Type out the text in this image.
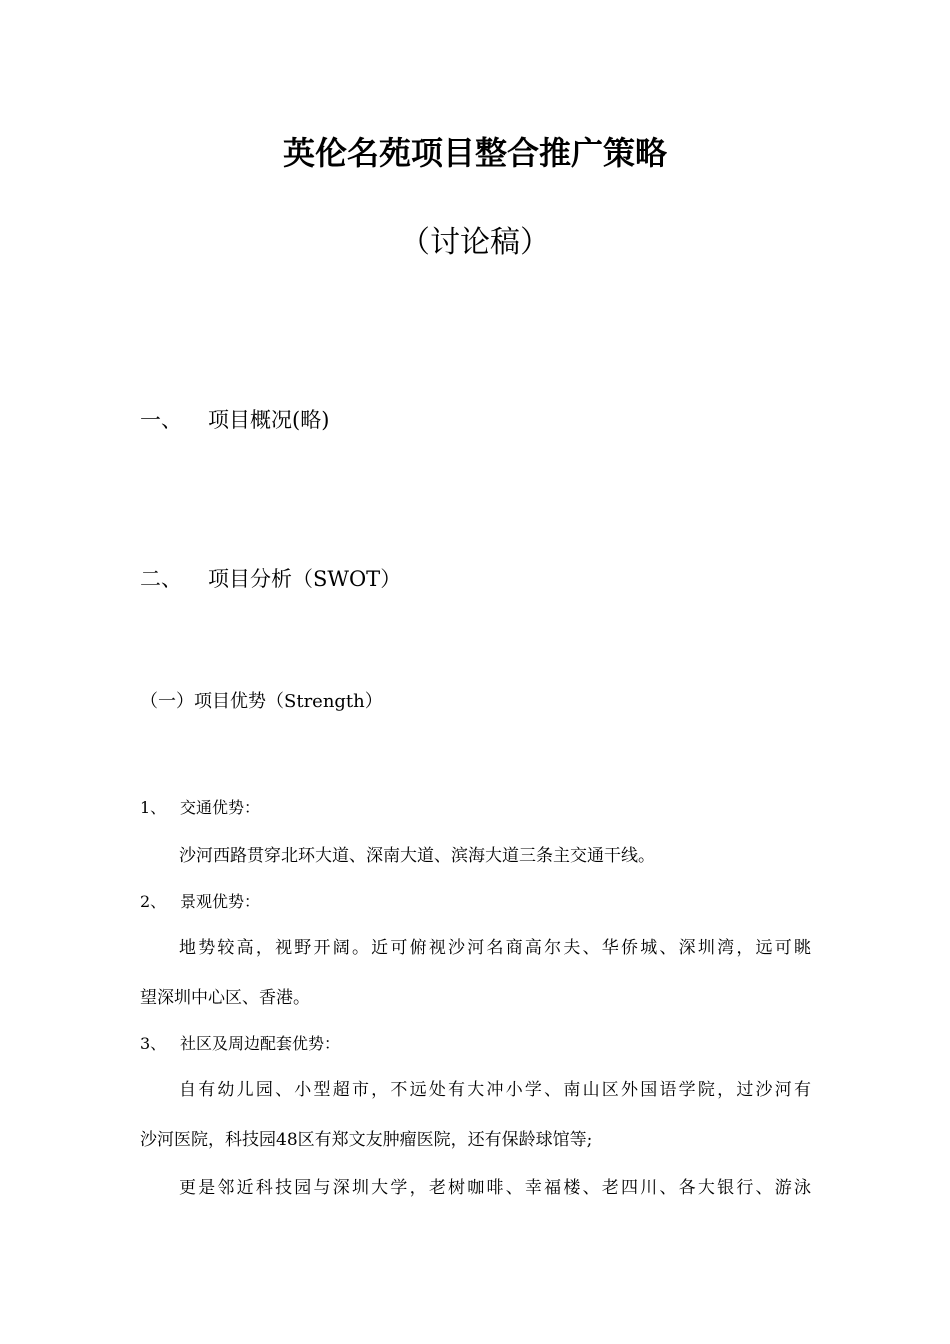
英伦名苑项目整合推广策略
（讨论稿）
一、 项目概况(略)
二、 项目分析（SWOT）
（一）项目优势（Strength）
1、 交通优势：
沙河西路贯穿北环大道、深南大道、滨海大道三条主交通干线。
2、 景观优势：
地势较高，视野开阔。近可俯视沙河名商高尔夫、华侨城、深圳湾，远可眺
望深圳中心区、香港。
3、 社区及周边配套优势：
自有幼儿园、小型超市，不远处有大冲小学、南山区外国语学院，过沙河有
沙河医院，科技园48区有郑文友肿瘤医院，还有保龄球馆等;
更是邻近科技园与深圳大学，老树咖啡、幸福楼、老四川、各大银行、游泳
